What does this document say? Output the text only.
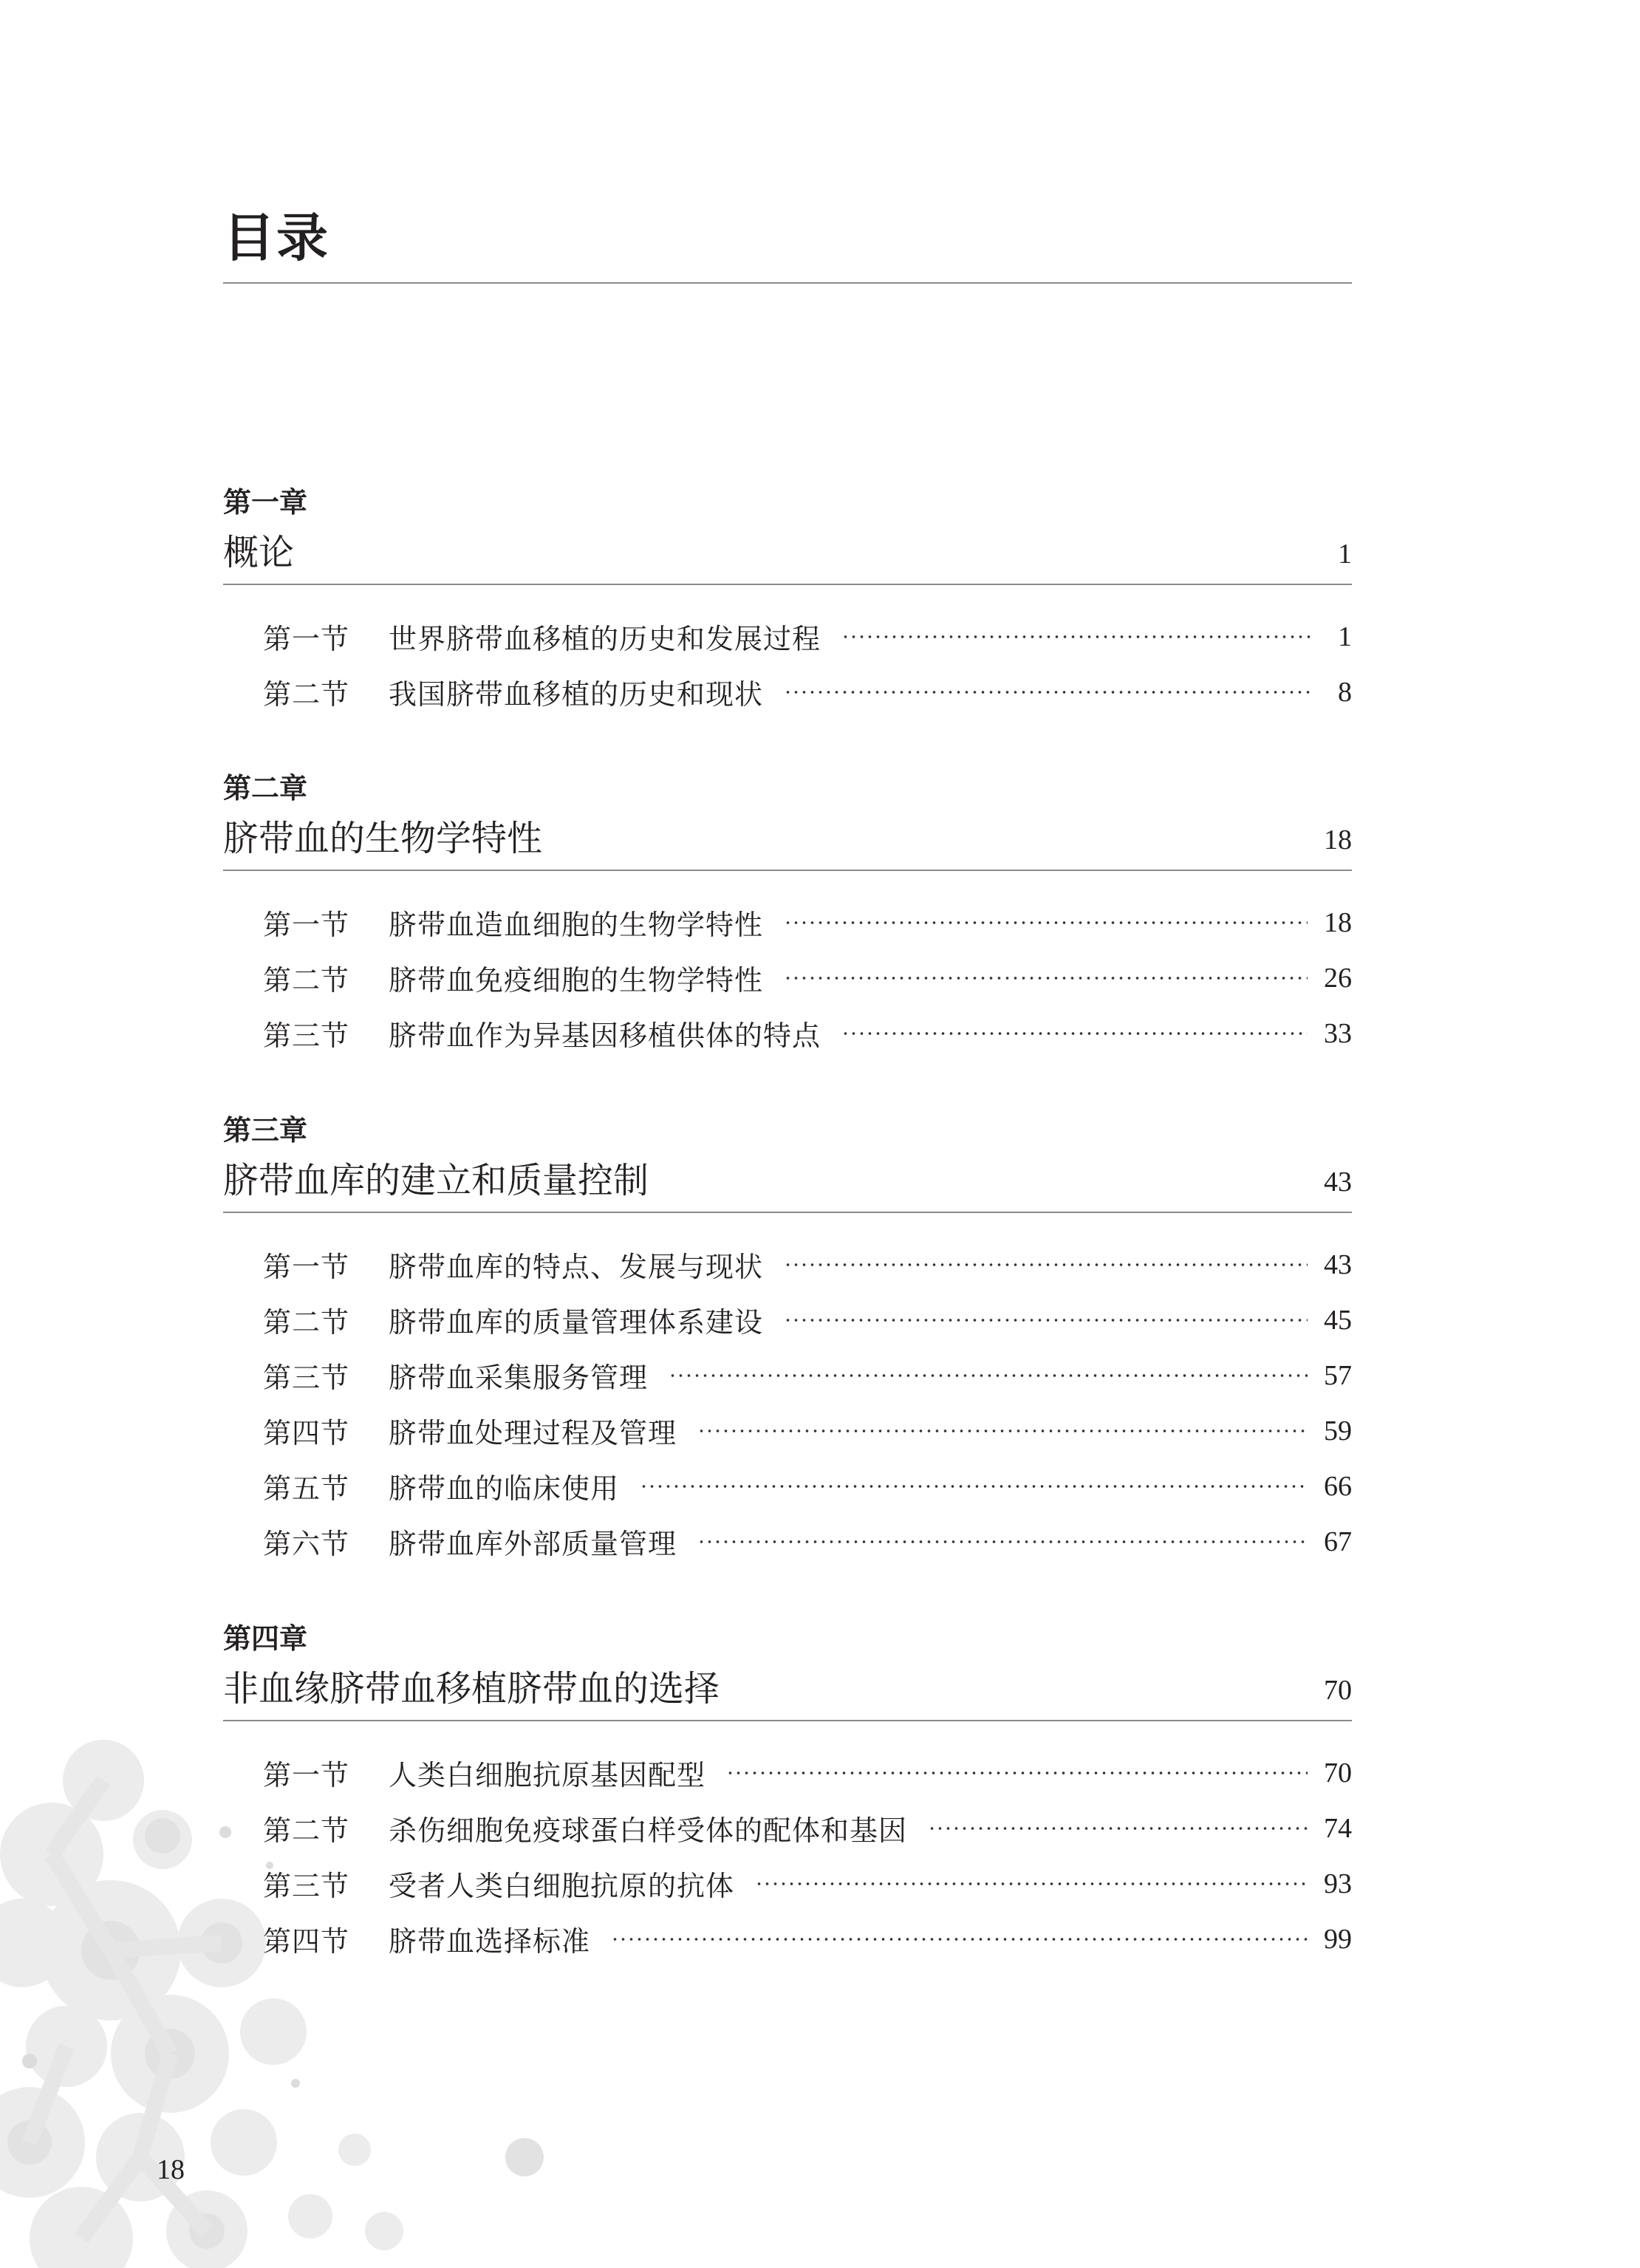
目录
第一章
概论	1
第一节	世界脐带血移植的历史和发展过程	1
第二节	我国脐带血移植的历史和现状	8
第二章
脐带血的生物学特性	18
第一节	脐带血造血细胞的生物学特性	18
第二节	脐带血免疫细胞的生物学特性	26
第三节	脐带血作为异基因移植供体的特点	33
第三章
脐带血库的建立和质量控制	43
第一节	脐带血库的特点、发展与现状	43
第二节	脐带血库的质量管理体系建设	45
第三节	脐带血采集服务管理	57
第四节	脐带血处理过程及管理	59
第五节	脐带血的临床使用	66
第六节	脐带血库外部质量管理	67
第四章
非血缘脐带血移植脐带血的选择	70
第一节	人类白细胞抗原基因配型	70
第二节	杀伤细胞免疫球蛋白样受体的配体和基因	74
第三节	受者人类白细胞抗原的抗体	93
第四节	脐带血选择标准	99
18
